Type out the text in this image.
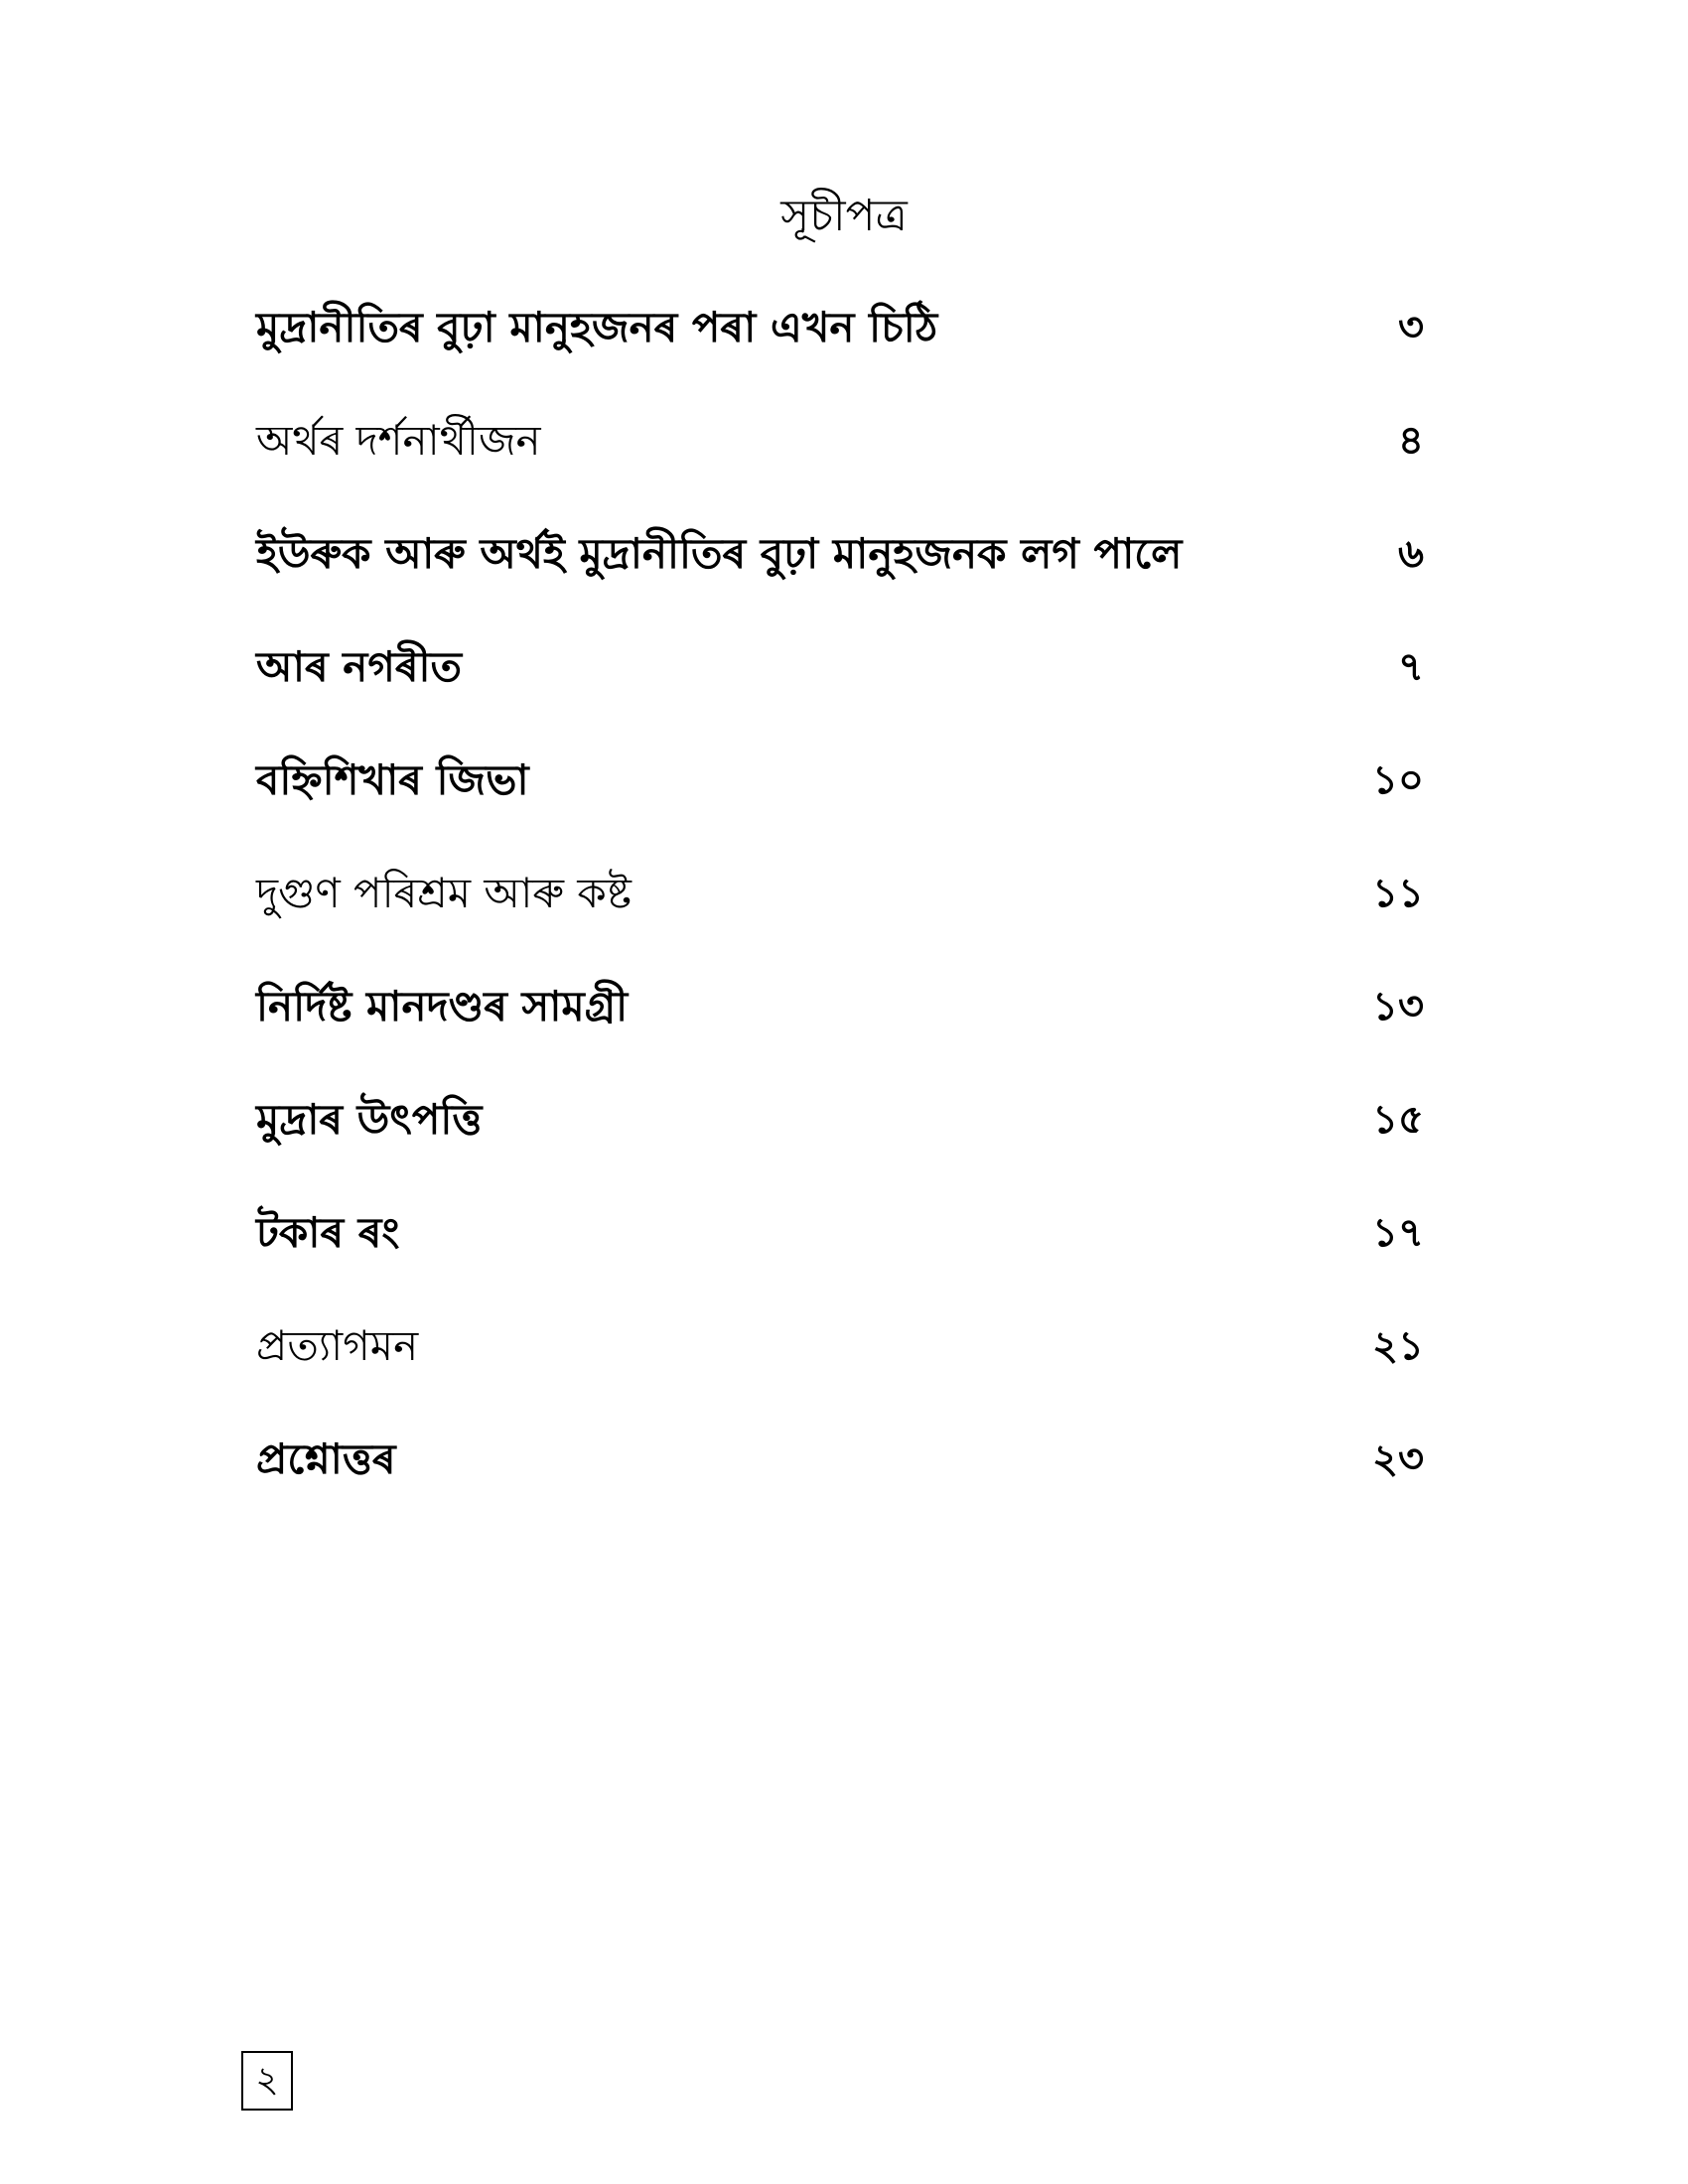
সূচীপত্ৰ
মুদ্ৰানীতিৰ বুঢ়া মানুহজনৰ পৰা এখন চিঠি	৩
অৰ্থৰ দৰ্শনাৰ্থীজন	৪
ইউৰুক আৰু অৰ্থই মুদ্ৰানীতিৰ বুঢ়া মানুহজনক লগ পালে	৬
আৰ নগৰীত	৭
বহ্নিশিখাৰ জিভা	১০
দুগুণ পৰিশ্ৰম আৰু কষ্ট	১১
নিৰ্দিষ্ট মানদণ্ডৰ সামগ্ৰী	১৩
মুদ্ৰাৰ উৎপত্তি	১৫
টকাৰ ৰং	১৭
প্ৰত্যাগমন	২১
প্ৰশ্নোত্তৰ	২৩
২
